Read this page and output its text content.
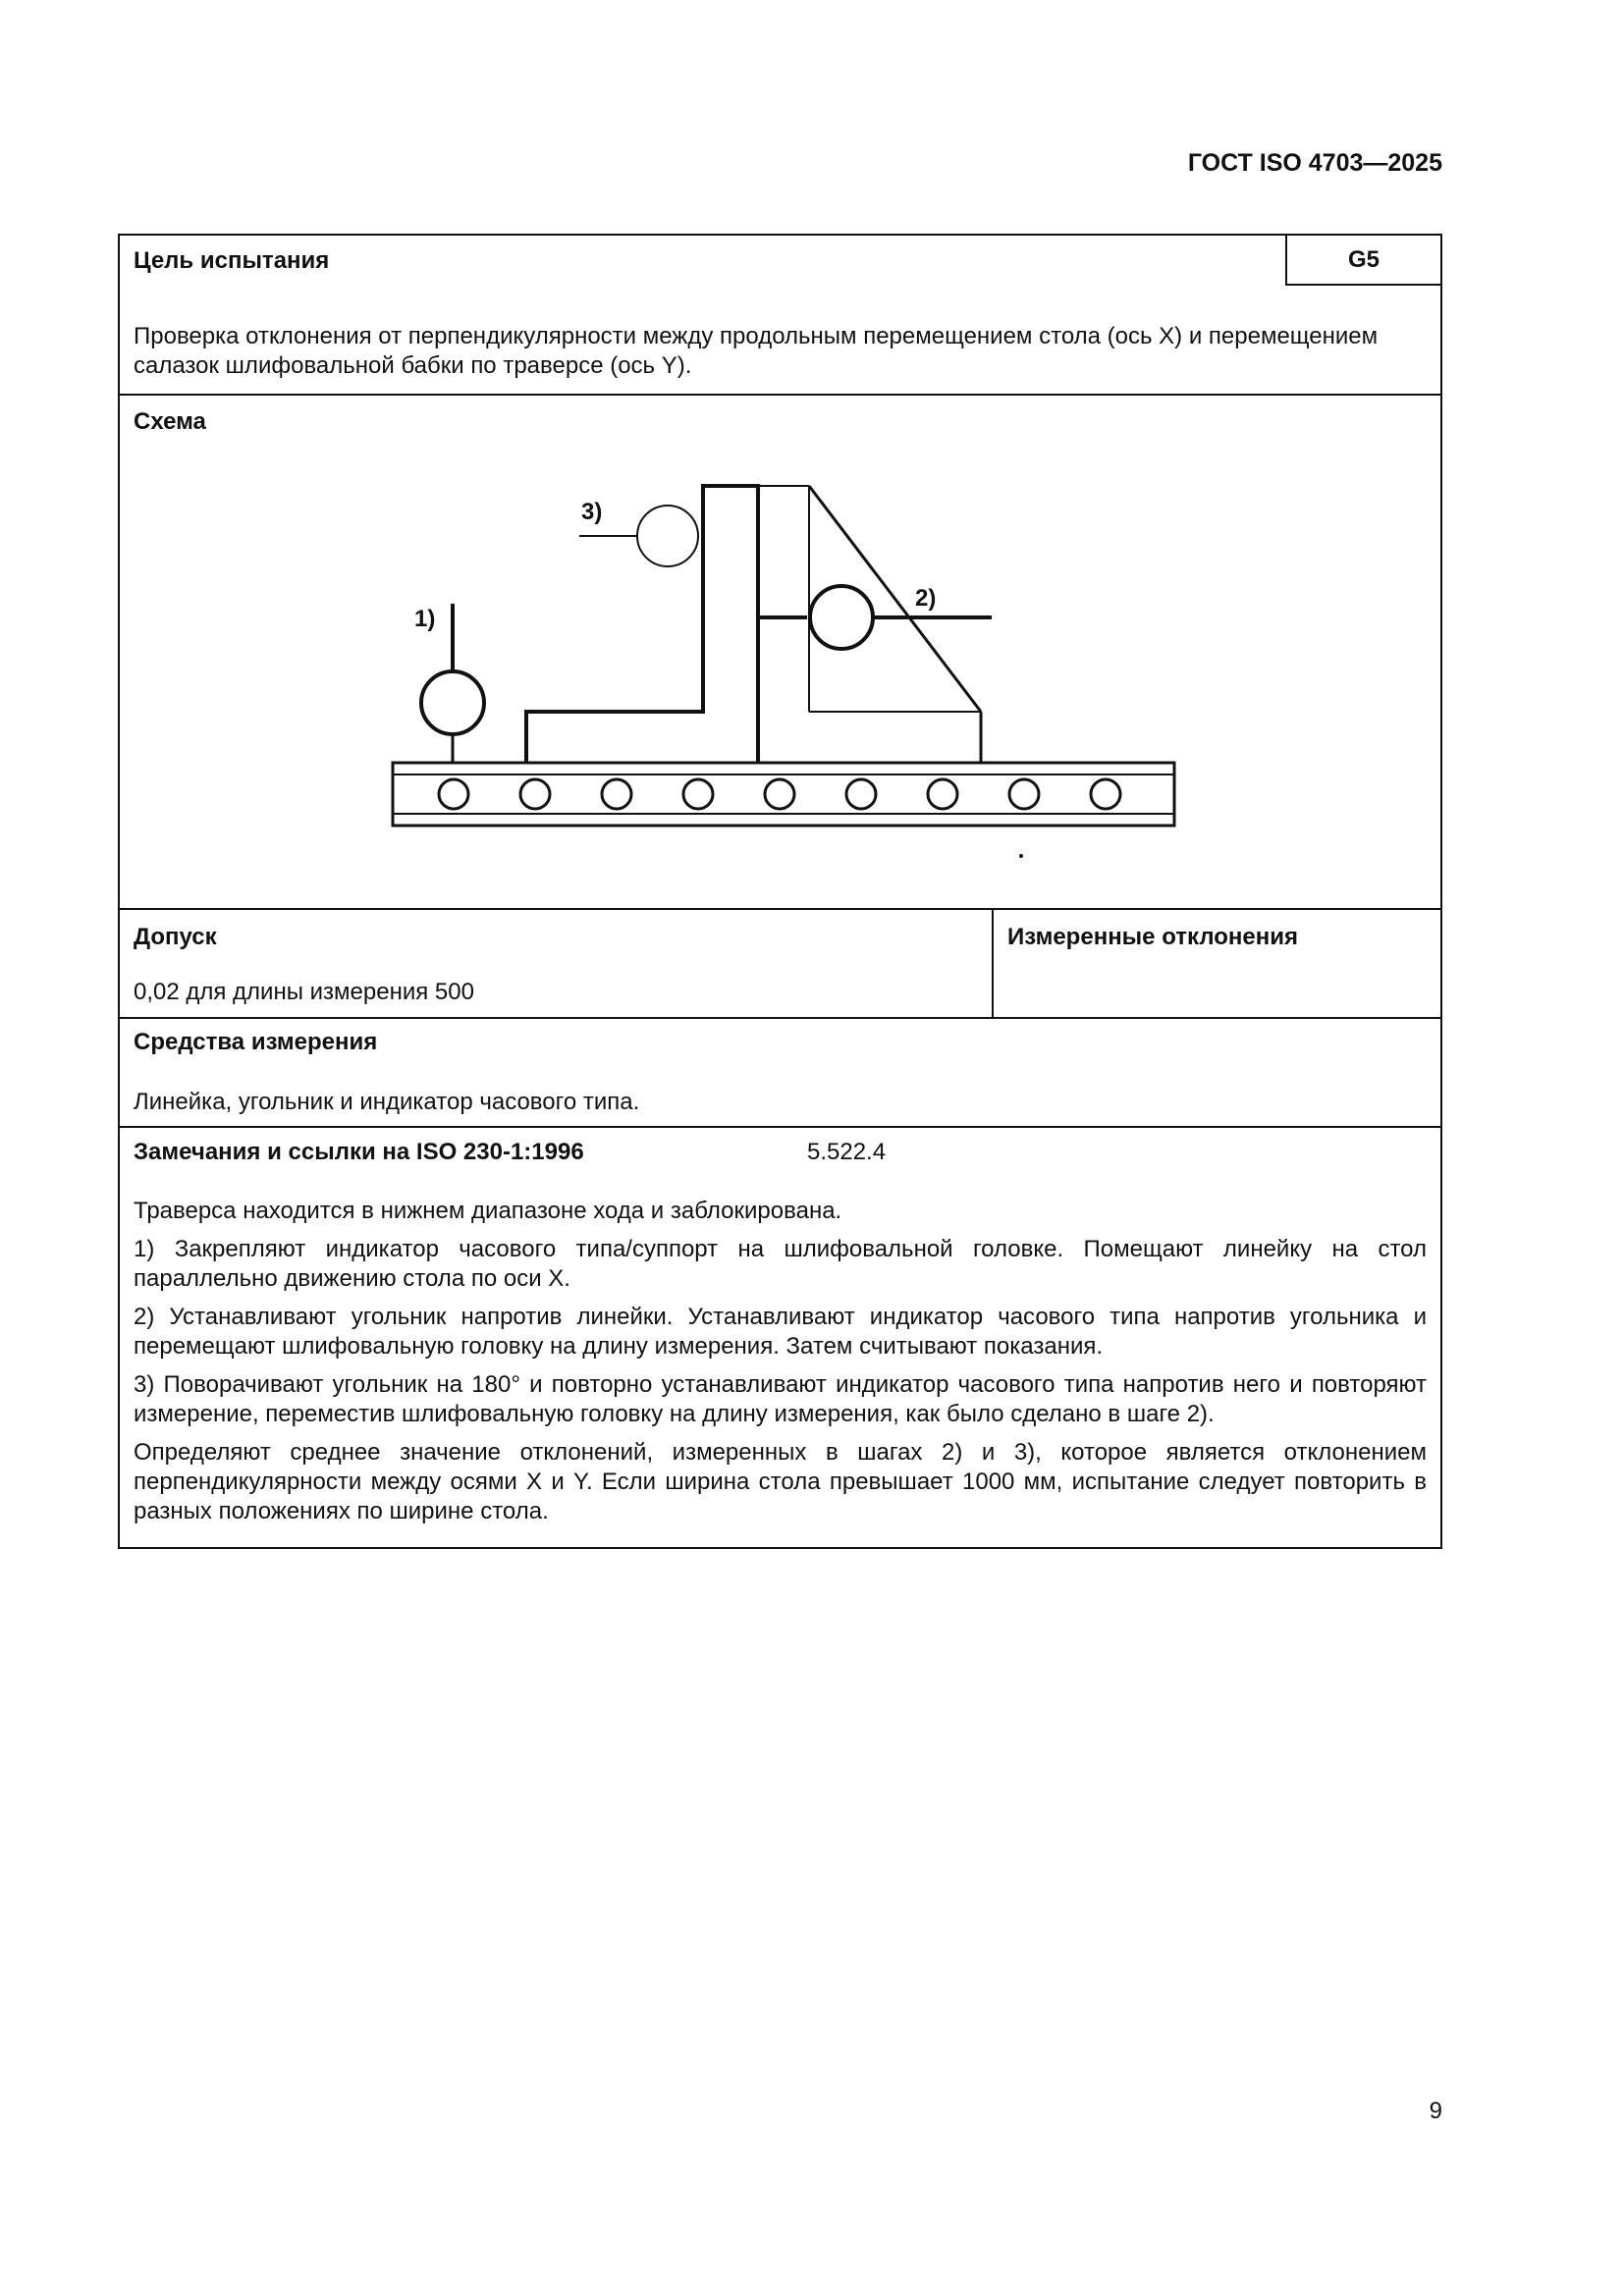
ГОСТ ISO 4703—2025
Цель испытания	G5
Проверка отклонения от перпендикулярности между продольным перемещением стола (ось X) и перемещением салазок шлифовальной бабки по траверсе (ось Y).
Схема
3)
2)
1)
Допуск
0,02 для длины измерения 500
Измеренные отклонения
Средства измерения
Линейка, угольник и индикатор часового типа.
Замечания и ссылки на ISO 230-1:1996	5.522.4

Траверса находится в нижнем диапазоне хода и заблокирована.

1) Закрепляют индикатор часового типа/суппорт на шлифовальной головке. Помещают линейку на стол параллельно движению стола по оси X.

2) Устанавливают угольник напротив линейки. Устанавливают индикатор часового типа напротив угольника и перемещают шлифовальную головку на длину измерения. Затем считывают показания.

3) Поворачивают угольник на 180° и повторно устанавливают индикатор часового типа напротив него и повторяют измерение, переместив шлифовальную головку на длину измерения, как было сделано в шаге 2).

Определяют среднее значение отклонений, измеренных в шагах 2) и 3), которое является отклонением перпендикулярности между осями X и Y. Если ширина стола превышает 1000 мм, испытание следует повторить в разных положениях по ширине стола.

9
